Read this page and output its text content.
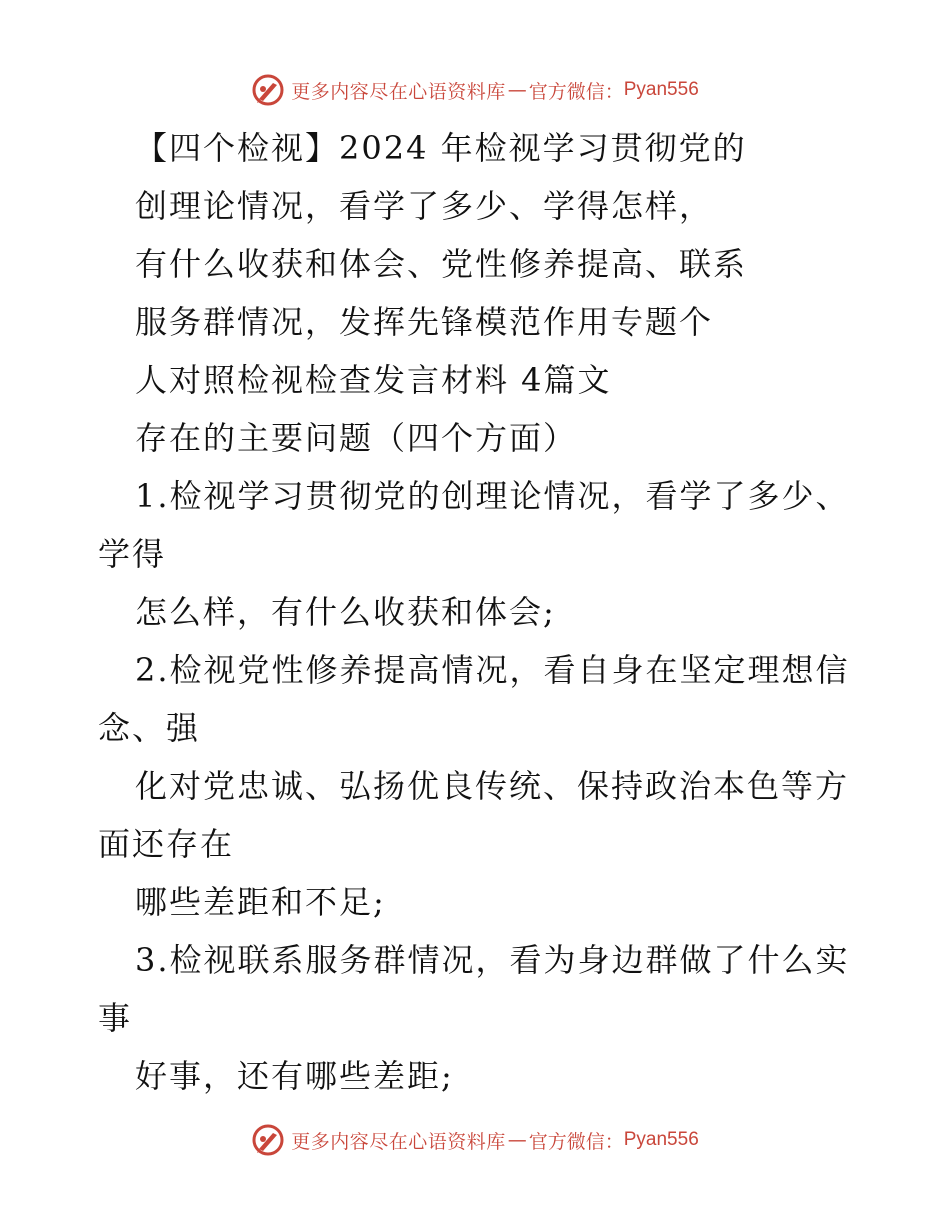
更多内容尽在心语资料库 — 官方微信： Pyan556
【四个检视】2024 年检视学习贯彻党的
创理论情况，看学了多少、学得怎样，
有什么收获和体会、党性修养提高、联系
服务群情况，发挥先锋模范作用专题个
人对照检视检查发言材料 4篇文
存在的主要问题（四个方面）
1.检视学习贯彻党的创理论情况，看学了多少、
学得
怎么样，有什么收获和体会;
2.检视党性修养提高情况，看自身在坚定理想信
念、强
化对党忠诚、弘扬优良传统、保持政治本色等方
面还存在
哪些差距和不足;
3.检视联系服务群情况，看为身边群做了什么实
事
好事，还有哪些差距;
更多内容尽在心语资料库 — 官方微信： Pyan556
